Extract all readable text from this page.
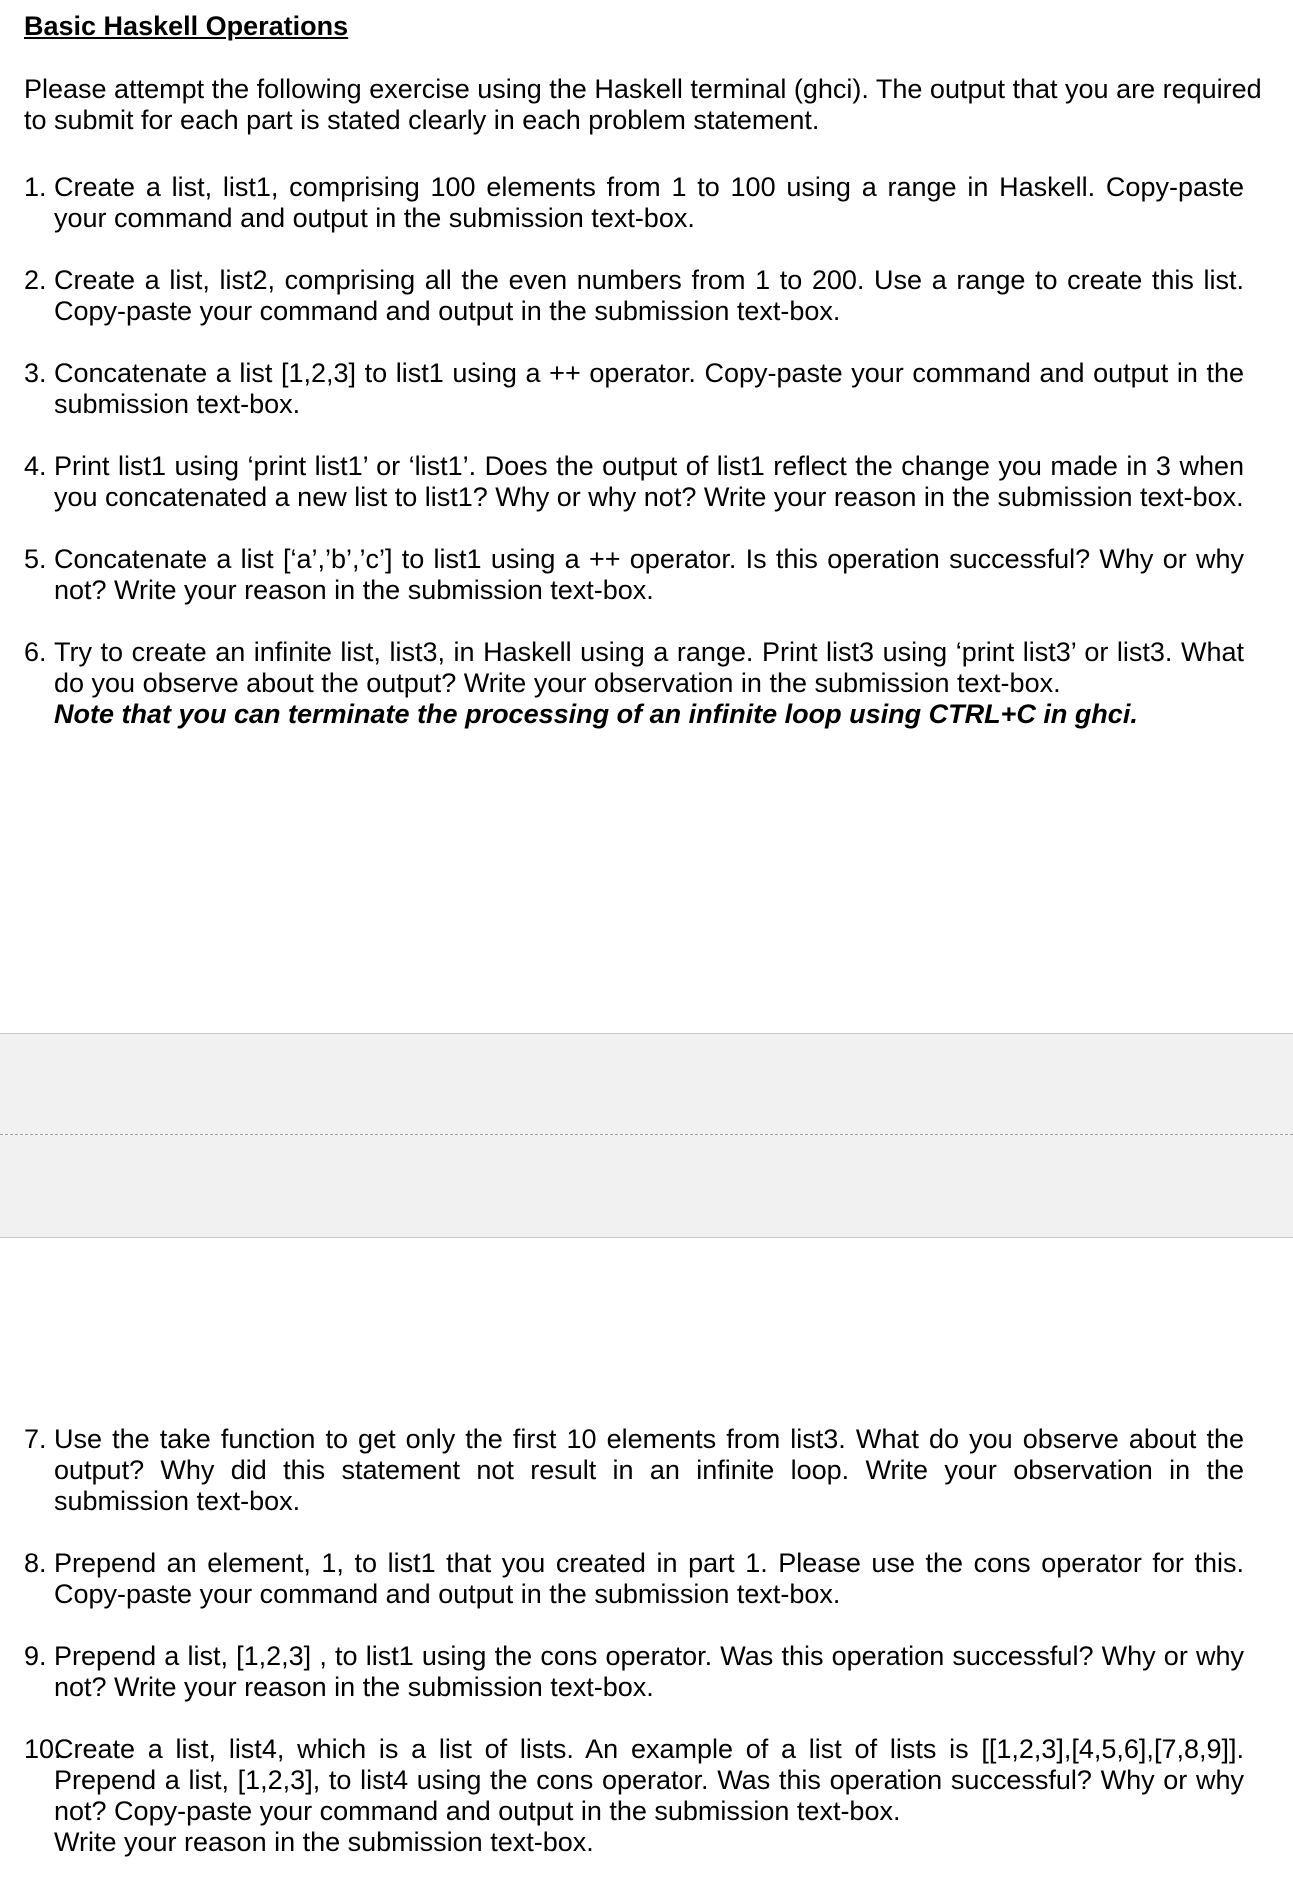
Basic Haskell Operations

Please attempt the following exercise using the Haskell terminal (ghci). The output that you are required to submit for each part is stated clearly in each problem statement.

1. Create a list, list1, comprising 100 elements from 1 to 100 using a range in Haskell. Copy-paste your command and output in the submission text-box.
2. Create a list, list2, comprising all the even numbers from 1 to 200. Use a range to create this list. Copy-paste your command and output in the submission text-box.
3. Concatenate a list [1,2,3] to list1 using a ++ operator. Copy-paste your command and output in the submission text-box.
4. Print list1 using ‘print list1’ or ‘list1’. Does the output of list1 reflect the change you made in 3 when you concatenated a new list to list1? Why or why not? Write your reason in the submission text-box.
5. Concatenate a list [‘a’,’b’,’c’] to list1 using a ++ operator. Is this operation successful? Why or why not? Write your reason in the submission text-box.
6. Try to create an infinite list, list3, in Haskell using a range. Print list3 using ‘print list3’ or list3. What do you observe about the output? Write your observation in the submission text-box.
Note that you can terminate the processing of an infinite loop using CTRL+C in ghci.
7. Use the take function to get only the first 10 elements from list3. What do you observe about the output? Why did this statement not result in an infinite loop. Write your observation in the submission text-box.
8. Prepend an element, 1, to list1 that you created in part 1. Please use the cons operator for this. Copy-paste your command and output in the submission text-box.
9. Prepend a list, [1,2,3] , to list1 using the cons operator. Was this operation successful? Why or why not? Write your reason in the submission text-box.
10.
Create a list, list4, which is a list of lists. An example of a list of lists is [[1,2,3],[4,5,6],[7,8,9]]. Prepend a list, [1,2,3], to list4 using the cons operator. Was this operation successful? Why or why not? Copy-paste your command and output in the submission text-box.
Write your reason in the submission text-box.
